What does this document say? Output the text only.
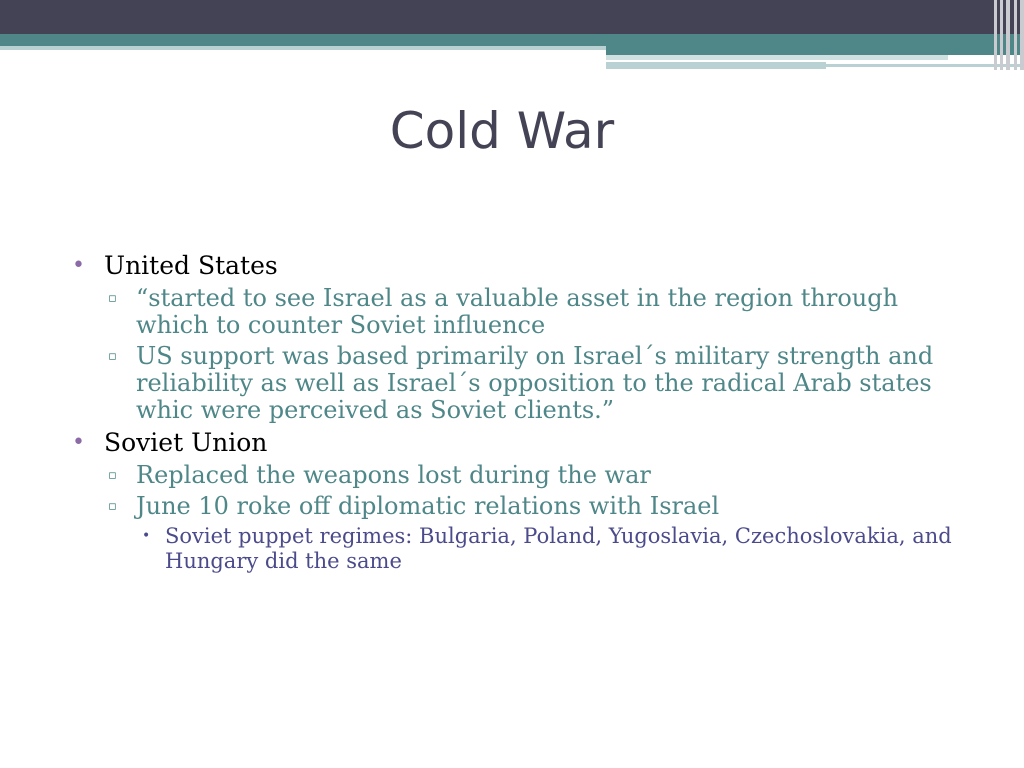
Cold War
• United States
▫ “started to see Israel as a valuable asset in the region through which to counter Soviet influence
▫ US support was based primarily on Israel´s military strength and reliability as well as Israel´s opposition to the radical Arab states whic were perceived as Soviet clients.”
• Soviet Union
▫ Replaced the weapons lost during the war
▫ June 10 roke off diplomatic relations with Israel
• Soviet puppet regimes: Bulgaria, Poland, Yugoslavia, Czechoslovakia, and Hungary did the same
